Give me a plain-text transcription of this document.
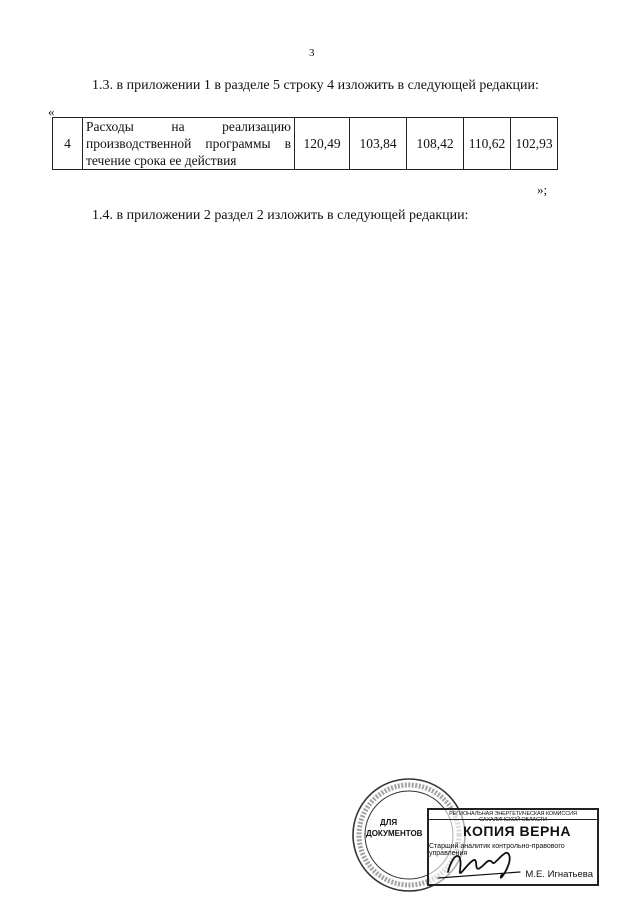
3
1.3. в приложении 1 в разделе 5 строку 4 изложить в следующей редакции:
«
4	Расходы на реализацию производственной программы в течение срока ее действия	120,49	103,84	108,42	110,62	102,93
»;
1.4. в приложении 2 раздел 2 изложить в следующей редакции:
ДЛЯ
ДОКУМЕНТОВ
РЕГИОНАЛЬНАЯ ЭНЕРГЕТИЧЕСКАЯ КОМИССИЯ САХАЛИНСКОЙ ОБЛАСТИ
КОПИЯ ВЕРНА
Старший аналитик контрольно-правового управления
М.Е. Игнатьева
